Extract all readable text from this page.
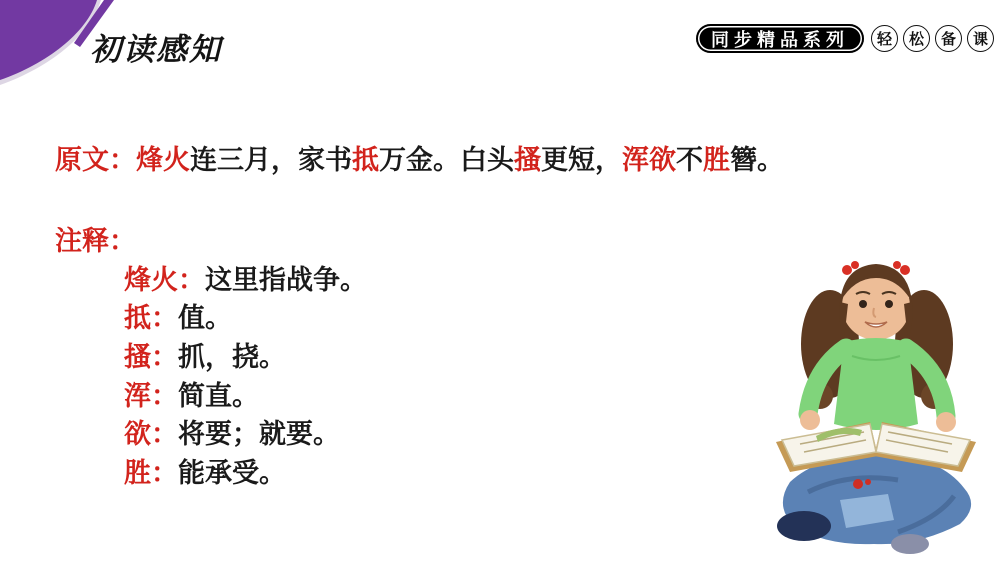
初读感知	同步精品系列	轻	松	备	课
原文：烽火连三月，家书抵万金。白头搔更短，浑欲不胜簪。
注释：
烽火： 这里指战争。
抵： 值。
搔： 抓，挠。
浑： 简直。
欲： 将要；就要。
胜： 能承受。
